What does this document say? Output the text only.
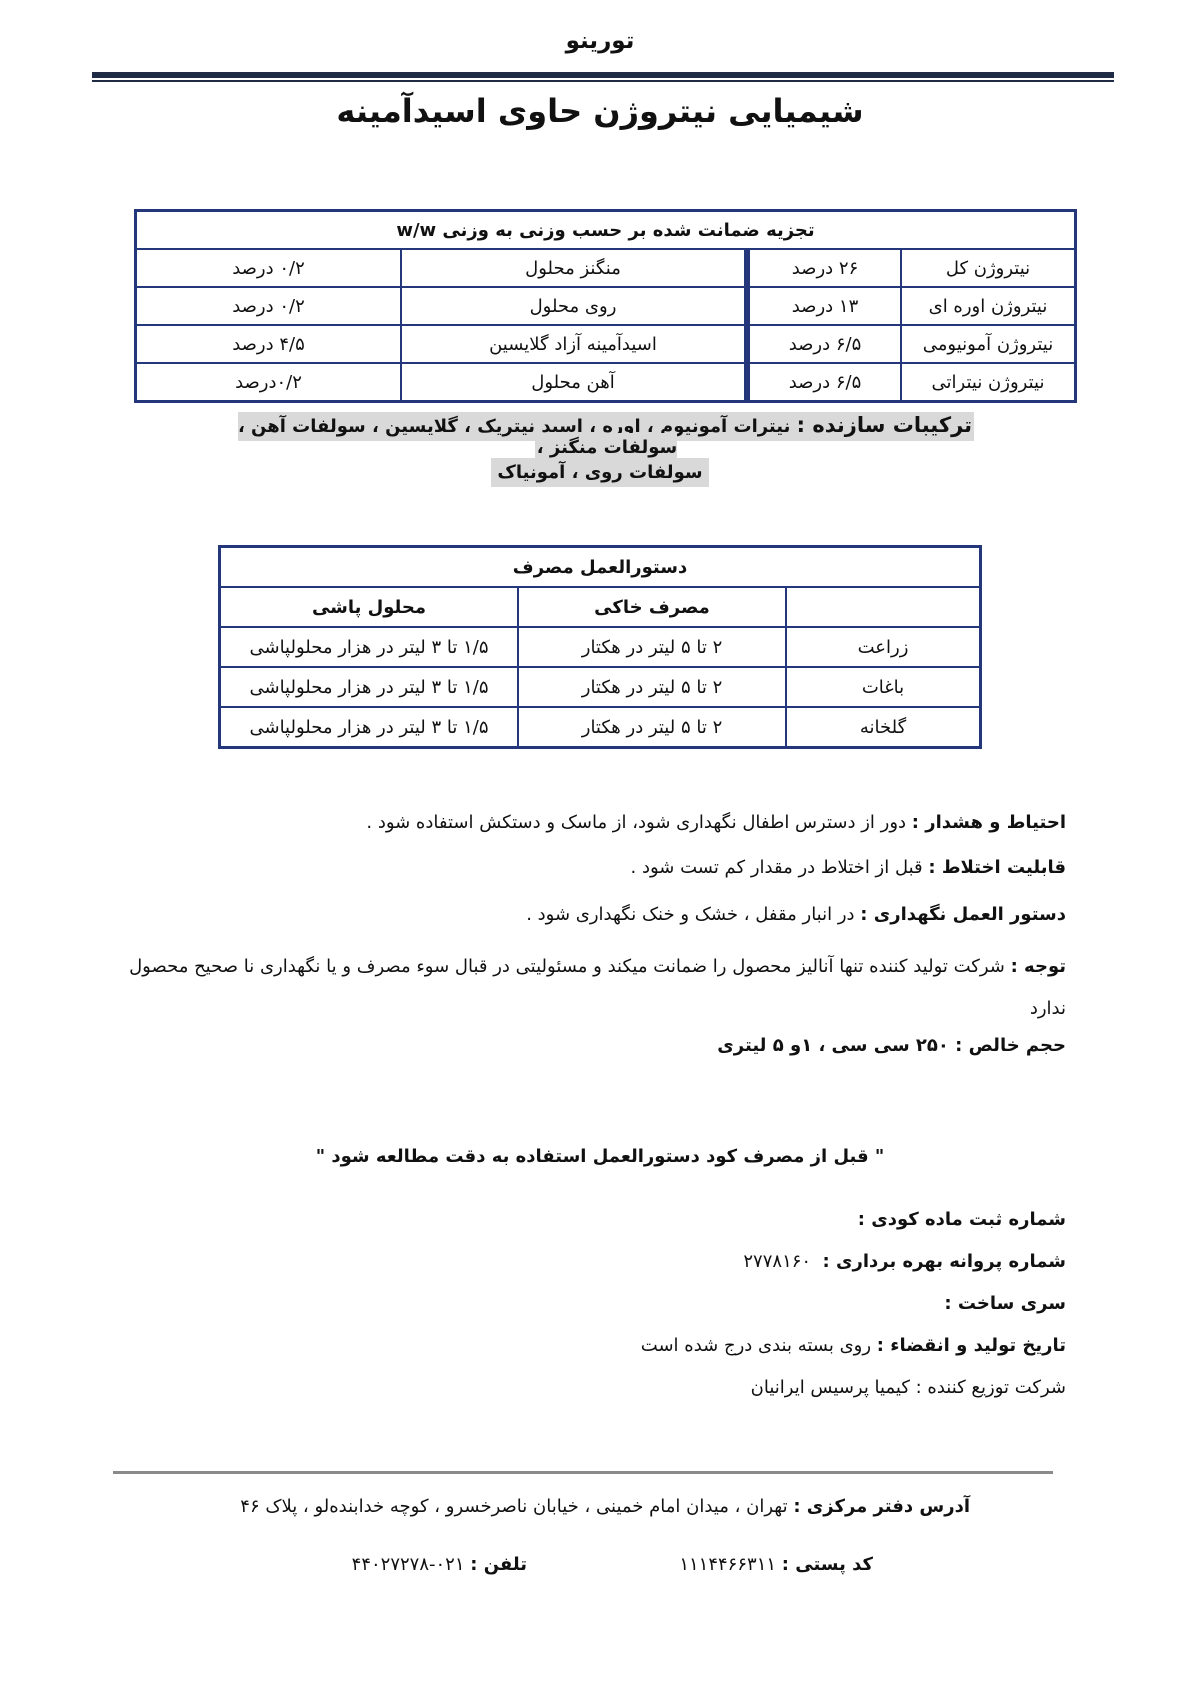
تورینو
شیمیایی نیتروژن حاوی اسیدآمینه
تجزیه ضمانت شده بر حسب وزنی به وزنی w/w			
نیتروژن کل	۲۶ درصد	منگنز محلول	۰/۲ درصد
نیتروژن اوره ای	۱۳ درصد	روی محلول	۰/۲ درصد
نیتروژن آمونیومی	۶/۵ درصد	اسیدآمینه آزاد گلایسین	۴/۵ درصد
نیتروژن نیتراتی	۶/۵ درصد	آهن محلول	۰/۲درصد
ترکیبات سازنده : نیترات آمونیوم ، اوره ، اسید نیتریک ، گلایسین ، سولفات آهن ، سولفات منگنز ،
سولفات روی ، آمونیاک
دستورالعمل مصرف		
	مصرف خاکی	محلول پاشی
زراعت	۲ تا ۵ لیتر در هکتار	۱/۵ تا ۳ لیتر در هزار محلولپاشی
باغات	۲ تا ۵ لیتر در هکتار	۱/۵ تا ۳ لیتر در هزار محلولپاشی
گلخانه	۲ تا ۵ لیتر در هکتار	۱/۵ تا ۳ لیتر در هزار محلولپاشی
احتیاط و هشدار : دور از دسترس اطفال نگهداری شود، از ماسک و دستکش استفاده شود .
قابلیت اختلاط : قبل از اختلاط در مقدار کم تست شود .
دستور العمل نگهداری : در انبار مقفل ، خشک و خنک نگهداری شود .
توجه : شرکت تولید کننده تنها آنالیز محصول را ضمانت میکند و مسئولیتی در قبال سوء مصرف و یا نگهداری نا صحیح محصول ندارد
حجم خالص : ۲۵۰ سی سی ، ۱و ۵ لیتری
" قبل از مصرف کود دستورالعمل استفاده به دقت مطالعه شود "
شماره ثبت ماده کودی :
شماره پروانه بهره برداری :  ۲۷۷۸۱۶۰
سری ساخت :
تاریخ تولید و انقضاء : روی بسته بندی درج شده است
شرکت توزیع کننده : کیمیا پرسیس ایرانیان
آدرس دفتر مرکزی : تهران ، میدان امام خمینی ، خیابان ناصرخسرو ، کوچه خدابنده‌لو ، پلاک ۴۶
کد پستی : ۱۱۱۴۴۶۶۳۱۱
تلفن : ۰۲۱-۴۴۰۲۷۲۷۸
